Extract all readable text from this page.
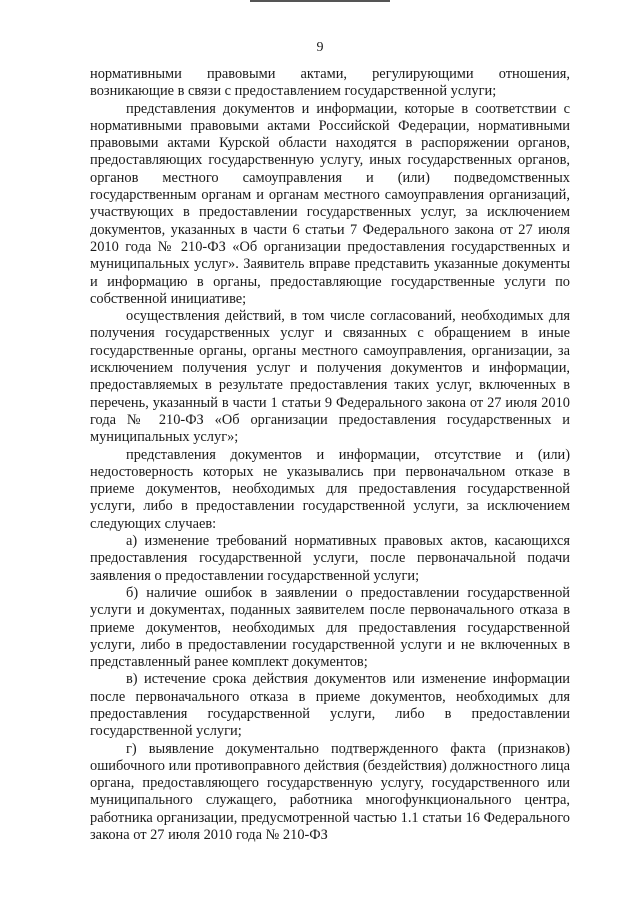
9

нормативными правовыми актами, регулирующими отношения, возникающие в связи с предоставлением государственной услуги;

представления документов и информации, которые в соответствии с нормативными правовыми актами Российской Федерации, нормативными правовыми актами Курской области находятся в распоряжении органов, предоставляющих государственную услугу, иных государственных органов, органов местного самоуправления и (или) подведомственных государственным органам и органам местного самоуправления организаций, участвующих в предоставлении государственных услуг, за исключением документов, указанных в части 6 статьи 7 Федерального закона от 27 июля 2010 года № 210-ФЗ «Об организации предоставления государственных и муниципальных услуг». Заявитель вправе представить указанные документы и информацию в органы, предоставляющие государственные услуги по собственной инициативе;

осуществления действий, в том числе согласований, необходимых для получения государственных услуг и связанных с обращением в иные государственные органы, органы местного самоуправления, организации, за исключением получения услуг и получения документов и информации, предоставляемых в результате предоставления таких услуг, включенных в перечень, указанный в части 1 статьи 9 Федерального закона от 27 июля 2010 года № 210-ФЗ «Об организации предоставления государственных и муниципальных услуг»;

представления документов и информации, отсутствие и (или) недостоверность которых не указывались при первоначальном отказе в приеме документов, необходимых для предоставления государственной услуги, либо в предоставлении государственной услуги, за исключением следующих случаев:

а) изменение требований нормативных правовых актов, касающихся предоставления государственной услуги, после первоначальной подачи заявления о предоставлении государственной услуги;

б) наличие ошибок в заявлении о предоставлении государственной услуги и документах, поданных заявителем после первоначального отказа в приеме документов, необходимых для предоставления государственной услуги, либо в предоставлении государственной услуги и не включенных в представленный ранее комплект документов;

в) истечение срока действия документов или изменение информации после первоначального отказа в приеме документов, необходимых для предоставления государственной услуги, либо в предоставлении государственной услуги;

г) выявление документально подтвержденного факта (признаков) ошибочного или противоправного действия (бездействия) должностного лица органа, предоставляющего государственную услугу, государственного или муниципального служащего, работника многофункционального центра, работника организации, предусмотренной частью 1.1 статьи 16 Федерального закона от 27 июля 2010 года № 210-ФЗ
